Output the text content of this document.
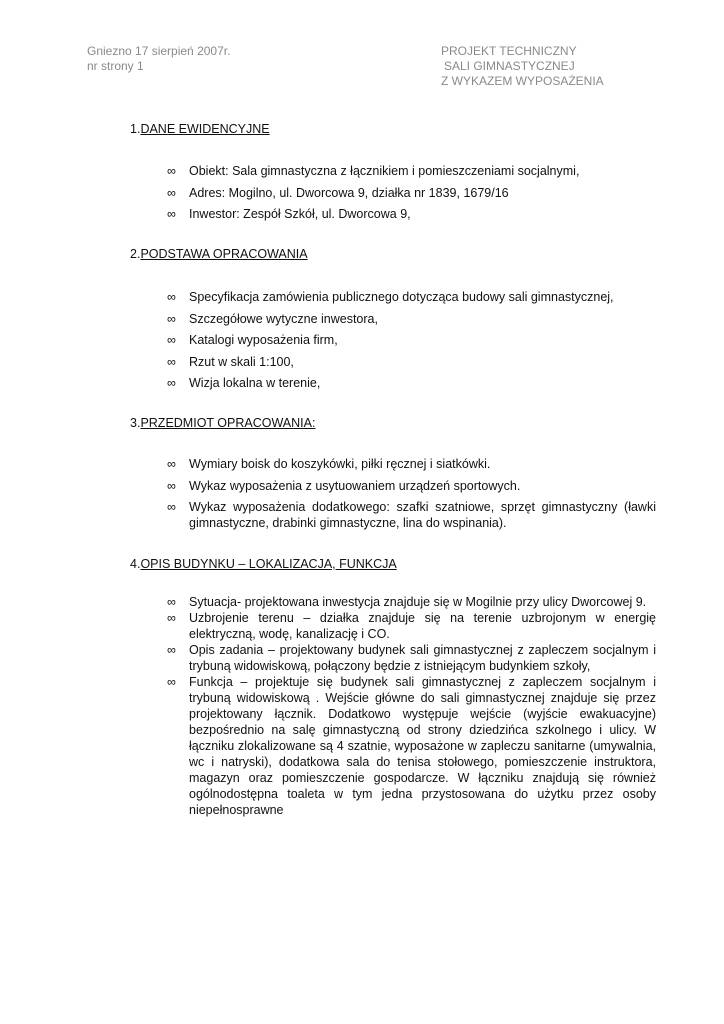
Gniezno 17 sierpień 2007r.
nr strony 1
PROJEKT TECHNICZNY
SALI GIMNASTYCZNEJ
Z WYKAZEM WYPOSAŻENIA
1.DANE EWIDENCYJNE
∞ Obiekt: Sala gimnastyczna z łącznikiem i pomieszczeniami socjalnymi,
∞ Adres: Mogilno, ul. Dworcowa 9, działka nr 1839, 1679/16
∞ Inwestor: Zespół Szkół, ul. Dworcowa 9,
2.PODSTAWA OPRACOWANIA
∞ Specyfikacja zamówienia publicznego dotycząca budowy sali gimnastycznej,
∞ Szczegółowe wytyczne inwestora,
∞ Katalogi wyposażenia firm,
∞ Rzut w skali 1:100,
∞ Wizja lokalna w terenie,
3.PRZEDMIOT OPRACOWANIA:
∞ Wymiary boisk do koszykówki, piłki ręcznej i siatkówki.
∞ Wykaz wyposażenia z usytuowaniem urządzeń sportowych.
∞ Wykaz wyposażenia dodatkowego: szafki szatniowe, sprzęt gimnastyczny (ławki gimnastyczne, drabinki gimnastyczne, lina do wspinania).
4.OPIS BUDYNKU – LOKALIZACJA, FUNKCJA
∞ Sytuacja- projektowana inwestycja znajduje się w Mogilnie przy ulicy Dworcowej 9.
∞ Uzbrojenie terenu – działka znajduje się na terenie uzbrojonym w energię elektryczną, wodę, kanalizację i CO.
∞ Opis zadania – projektowany budynek sali gimnastycznej z zapleczem socjalnym i trybuną widowiskową, połączony będzie z istniejącym budynkiem szkoły,
∞ Funkcja – projektuje się budynek sali gimnastycznej z zapleczem socjalnym i trybuną widowiskową . Wejście główne do sali gimnastycznej znajduje się przez projektowany łącznik. Dodatkowo występuje wejście (wyjście ewakuacyjne) bezpośrednio na salę gimnastyczną od strony dziedzińca szkolnego i ulicy. W łączniku zlokalizowane są 4 szatnie, wyposażone w zapleczu sanitarne (umywalnia, wc i natryski), dodatkowa sala do tenisa stołowego, pomieszczenie instruktora, magazyn oraz pomieszczenie gospodarcze. W łączniku znajdują się również ogólnodostępna toaleta w tym jedna przystosowana do użytku przez osoby niepełnosprawne
